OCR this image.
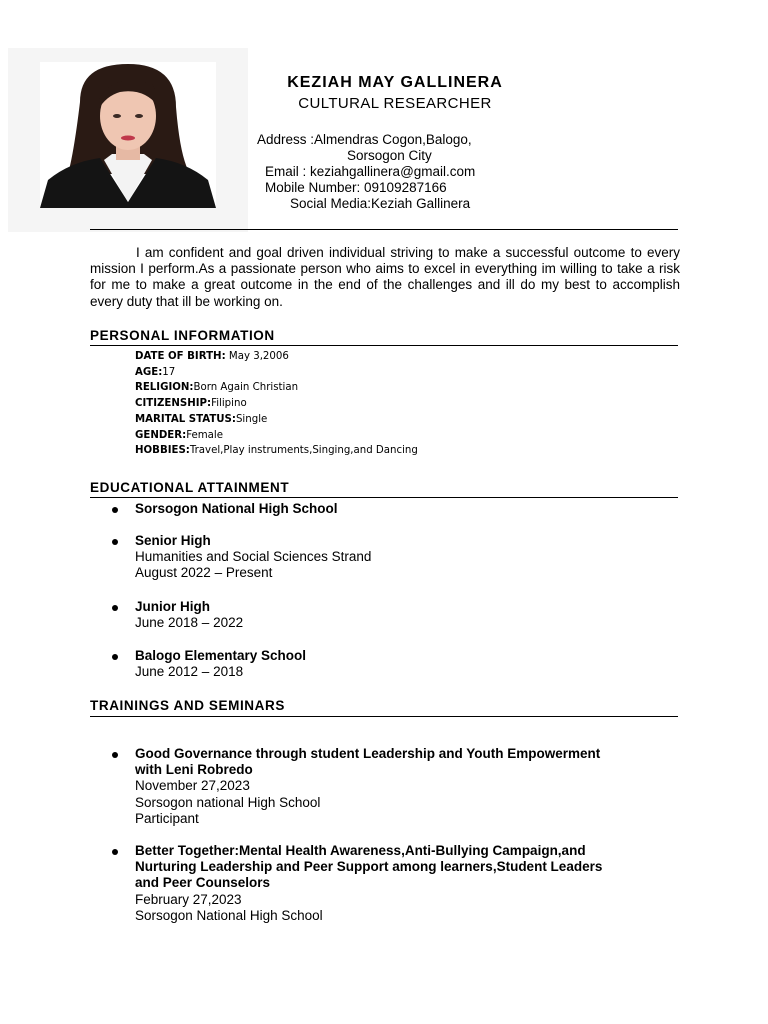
KEZIAH MAY GALLINERA
CULTURAL RESEARCHER
Address :Almendras Cogon,Balogo,
Sorsogon City
Email : keziahgallinera@gmail.com
Mobile Number: 09109287166
Social Media:Keziah Gallinera
I am confident and goal driven individual striving to make a successful outcome to every mission I perform.As a passionate person who aims to excel in everything im willing to take a risk for me to make a great outcome in the end of the challenges and ill do my best to accomplish every duty that ill be working on.
PERSONAL INFORMATION
DATE OF BIRTH: May 3,2006
AGE:17
RELIGION:Born Again Christian
CITIZENSHIP:Filipino
MARITAL STATUS:Single
GENDER:Female
HOBBIES:Travel,Play instruments,Singing,and Dancing
EDUCATIONAL ATTAINMENT
Sorsogon National High School
Senior High
Humanities and Social Sciences Strand
August 2022 – Present
Junior High
June 2018 – 2022
Balogo Elementary School
June 2012 – 2018
TRAININGS AND SEMINARS
Good Governance through student Leadership and Youth Empowerment
with Leni Robredo
November 27,2023
Sorsogon national High School
Participant
Better Together:Mental Health Awareness,Anti-Bullying Campaign,and
Nurturing Leadership and Peer Support among learners,Student Leaders
and Peer Counselors
February 27,2023
Sorsogon National High School
